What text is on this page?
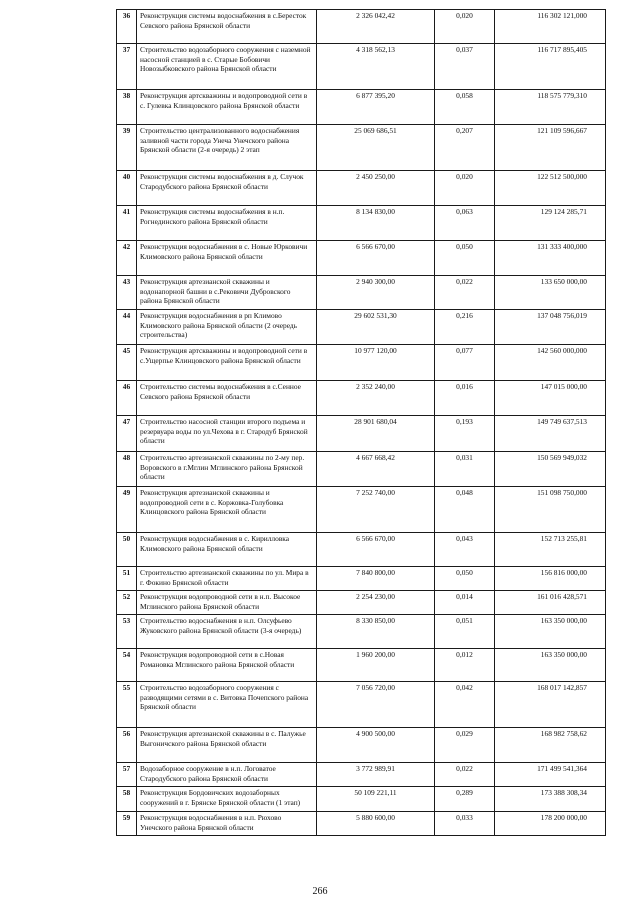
36	Реконструкция системы водоснабжения в с.Бересток Севского района Брянской области	2 326 042,42	0,020	116 302 121,000
37	Строительство водозаборного сооружения с наземной насосной станцией в с. Старые Бобовичи Новозыбковского района Брянской области	4 318 562,13	0,037	116 717 895,405
38	Реконструкция артскважины и водопроводной сети в с. Гулевка Клинцовского района Брянской области	6 877 395,20	0,058	118 575 779,310
39	Строительство централизованного водоснабжения заливной части города Унеча Унечского района Брянской области (2-я очередь) 2 этап	25 069 686,51	0,207	121 109 596,667
40	Реконструкция системы водоснабжения в д. Случок Стародубского района Брянской области	2 450 250,00	0,020	122 512 500,000
41	Реконструкция системы водоснабжения в н.п. Рогнединского района Брянской области	8 134 830,00	0,063	129 124 285,71
42	Реконструкция водоснабжения в с. Новые Юрковичи Климовского района Брянской области	6 566 670,00	0,050	131 333 400,000
43	Реконструкция артезианской скважины и водонапорной башни в с.Рековичи Дубровского района Брянской области	2 940 300,00	0,022	133 650 000,00
44	Реконструкция водоснабжения в рп Климово Климовского района Брянской области (2 очередь строительства)	29 602 531,30	0,216	137 048 756,019
45	Реконструкция артскважины и водопроводной сети в с.Ущерпье Клинцовского района Брянской области	10 977 120,00	0,077	142 560 000,000
46	Строительство системы водоснабжения в с.Сенное Севского района Брянской области	2 352 240,00	0,016	147 015 000,00
47	Строительство насосной станции второго подъема и резервуара воды по ул.Чехова в г. Стародуб Брянской области	28 901 680,04	0,193	149 749 637,513
48	Строительство артезианской скважины по 2-му пер. Воровского в г.Мглин Мглинского района Брянской области	4 667 668,42	0,031	150 569 949,032
49	Реконструкция артезианской скважины и водопроводной сети в с. Коржовка-Голубовка Клинцовского района Брянской области	7 252 740,00	0,048	151 098 750,000
50	Реконструкция водоснабжения в с. Кирилловка Климовского района Брянской области	6 566 670,00	0,043	152 713 255,81
51	Строительство артезианской скважины по ул. Мира в г. Фокино Брянской области	7 840 800,00	0,050	156 816 000,00
52	Реконструкция водопроводной сети в н.п. Высокое Мглинского района Брянской области	2 254 230,00	0,014	161 016 428,571
53	Строительство водоснабжения в н.п. Олсуфьево Жуковского района Брянской области (3-я очередь)	8 330 850,00	0,051	163 350 000,00
54	Реконструкция водопроводной сети в с.Новая Романовка Мглинского района Брянской области	1 960 200,00	0,012	163 350 000,00
55	Строительство водозаборного сооружения с разводящими сетями в с. Витовка Почепского района Брянской области	7 056 720,00	0,042	168 017 142,857
56	Реконструкция артезианской скважины в с. Палужье Выгоничского района Брянской области	4 900 500,00	0,029	168 982 758,62
57	Водозаборное сооружение в н.п. Логоватое Стародубского района Брянской области	3 772 989,91	0,022	171 499 541,364
58	Реконструкция Бордовичских водозаборных сооружений в г. Брянске Брянской области (1 этап)	50 109 221,11	0,289	173 388 308,34
59	Реконструкция водоснабжения в н.п. Рюхово Унечского района Брянской области	5 880 600,00	0,033	178 200 000,00
266
